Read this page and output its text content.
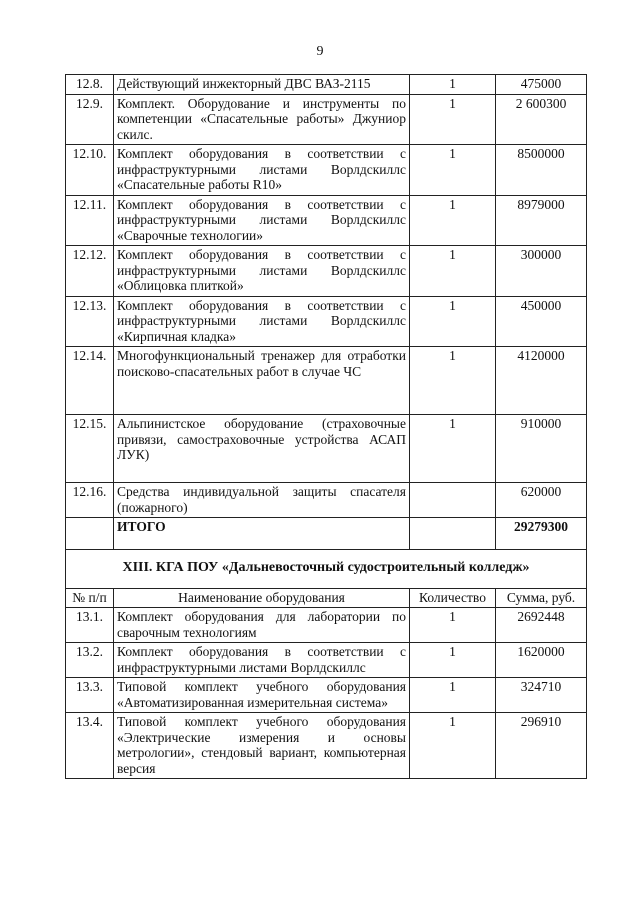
9
12.8.	Действующий инжекторный ДВС ВАЗ-2115	1	475000
12.9.	Комплект. Оборудование и инструменты по компетенции «Спасательные работы» Джуниор скилс.	1	2 600300
12.10.	Комплект оборудования в соответствии с инфраструктурными листами Ворлдскиллс «Спасательные работы R10»	1	8500000
12.11.	Комплект оборудования в соответствии с инфраструктурными листами Ворлдскиллс «Сварочные технологии»	1	8979000
12.12.	Комплект оборудования в соответствии с инфраструктурными листами Ворлдскиллс «Облицовка плиткой»	1	300000
12.13.	Комплект оборудования в соответствии с инфраструктурными листами Ворлдскиллс «Кирпичная кладка»	1	450000
12.14.	Многофункциональный тренажер для отработки поисково-спасательных работ в случае ЧС	1	4120000
12.15.	Альпинистское оборудование (страховочные привязи, самостраховочные устройства АСАП ЛУК)	1	910000
12.16.	Средства индивидуальной защиты спасателя (пожарного)		620000
	ИТОГО		29279300
XIII. КГА ПОУ «Дальневосточный судостроительный колледж»			
№ п/п	Наименование оборудования	Количество	Сумма, руб.
13.1.	Комплект оборудования для лаборатории по сварочным технологиям	1	2692448
13.2.	Комплект оборудования в соответствии с инфраструктурными листами Ворлдскиллс	1	1620000
13.3.	Типовой комплект учебного оборудования «Автоматизированная измерительная система»	1	324710
13.4.	Типовой комплект учебного оборудования «Электрические измерения и основы метрологии», стендовый вариант, компьютерная версия	1	296910
